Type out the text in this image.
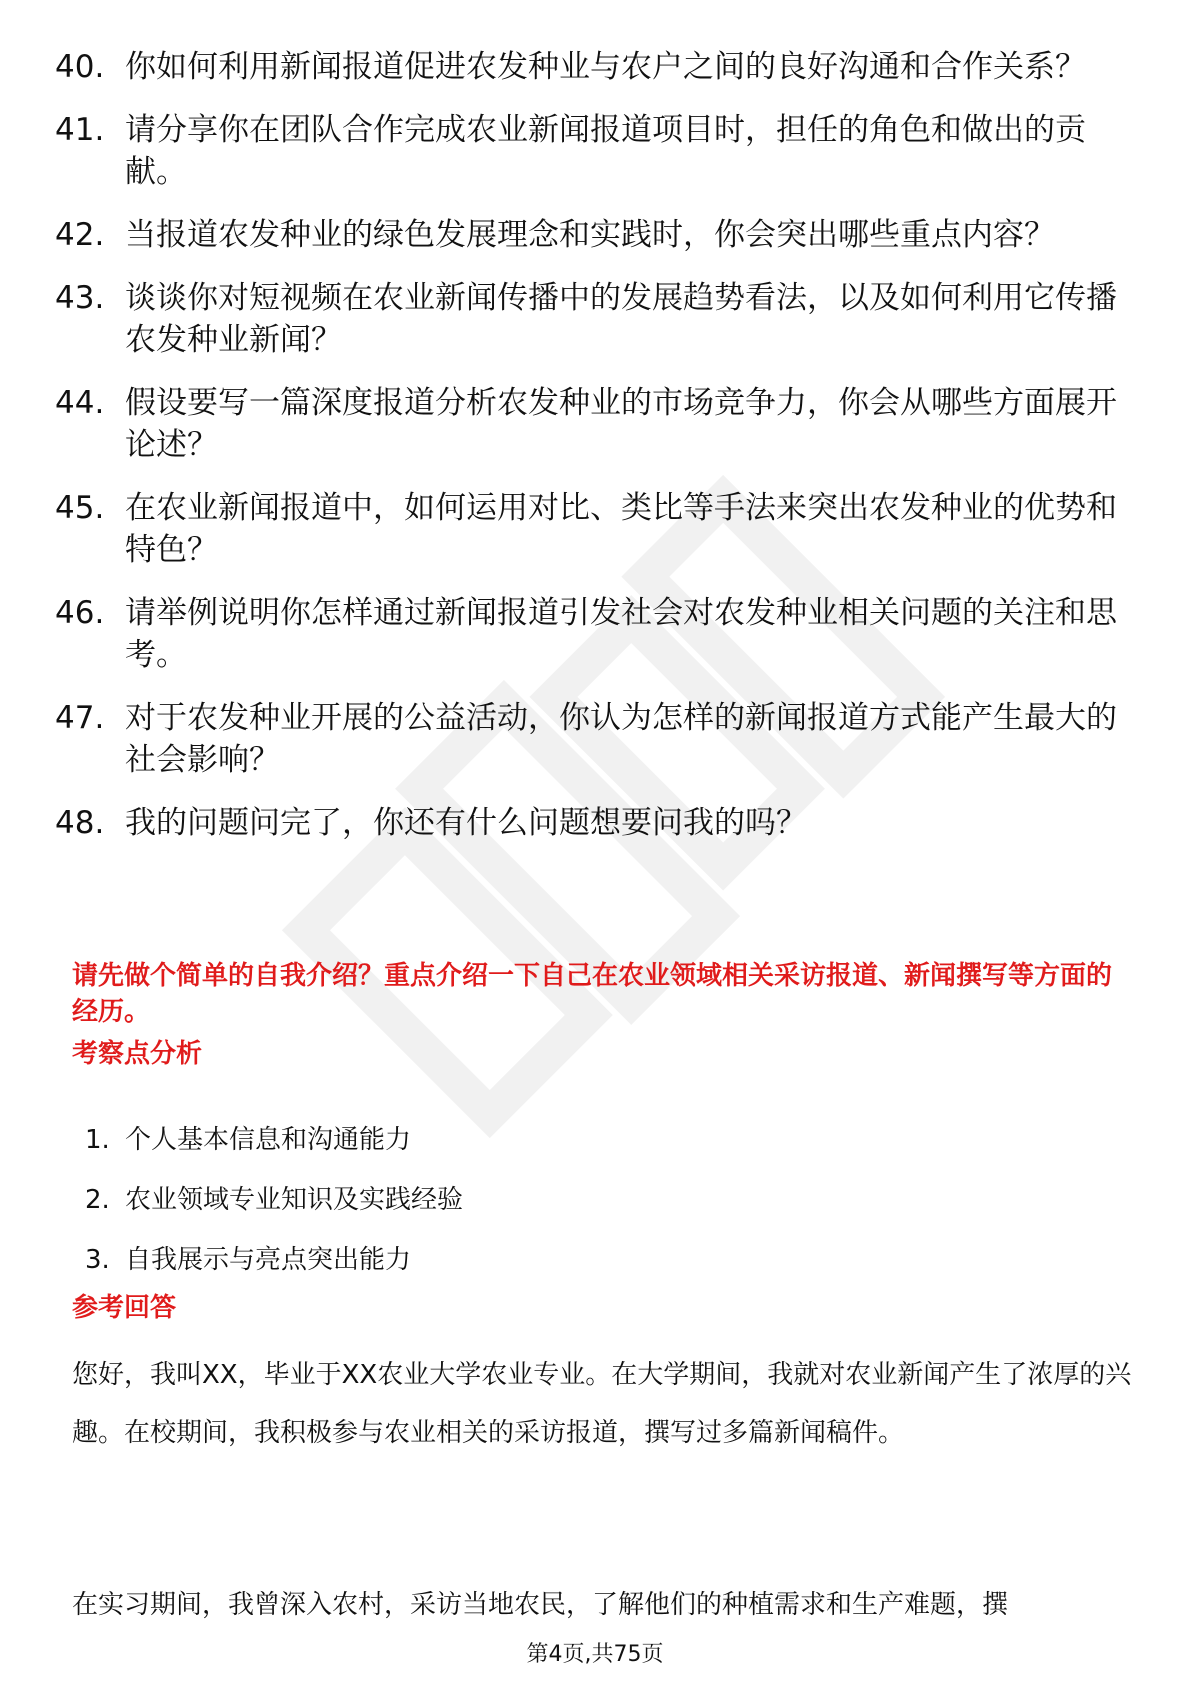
40. 你如何利用新闻报道促进农发种业与农户之间的良好沟通和合作关系？
41. 请分享你在团队合作完成农业新闻报道项目时，担任的角色和做出的贡献。
42. 当报道农发种业的绿色发展理念和实践时，你会突出哪些重点内容？
43. 谈谈你对短视频在农业新闻传播中的发展趋势看法，以及如何利用它传播农发种业新闻？
44. 假设要写一篇深度报道分析农发种业的市场竞争力，你会从哪些方面展开论述？
45. 在农业新闻报道中，如何运用对比、类比等手法来突出农发种业的优势和特色？
46. 请举例说明你怎样通过新闻报道引发社会对农发种业相关问题的关注和思考。
47. 对于农发种业开展的公益活动，你认为怎样的新闻报道方式能产生最大的社会影响？
48. 我的问题问完了，你还有什么问题想要问我的吗？
请先做个简单的自我介绍？重点介绍一下自己在农业领域相关采访报道、新闻撰写等方面的经历。
考察点分析
1. 个人基本信息和沟通能力
2. 农业领域专业知识及实践经验
3. 自我展示与亮点突出能力
参考回答
您好，我叫XX，毕业于XX农业大学农业专业。在大学期间，我就对农业新闻产生了浓厚的兴趣。在校期间，我积极参与农业相关的采访报道，撰写过多篇新闻稿件。
在实习期间，我曾深入农村，采访当地农民，了解他们的种植需求和生产难题，撰
第4页,共75页
